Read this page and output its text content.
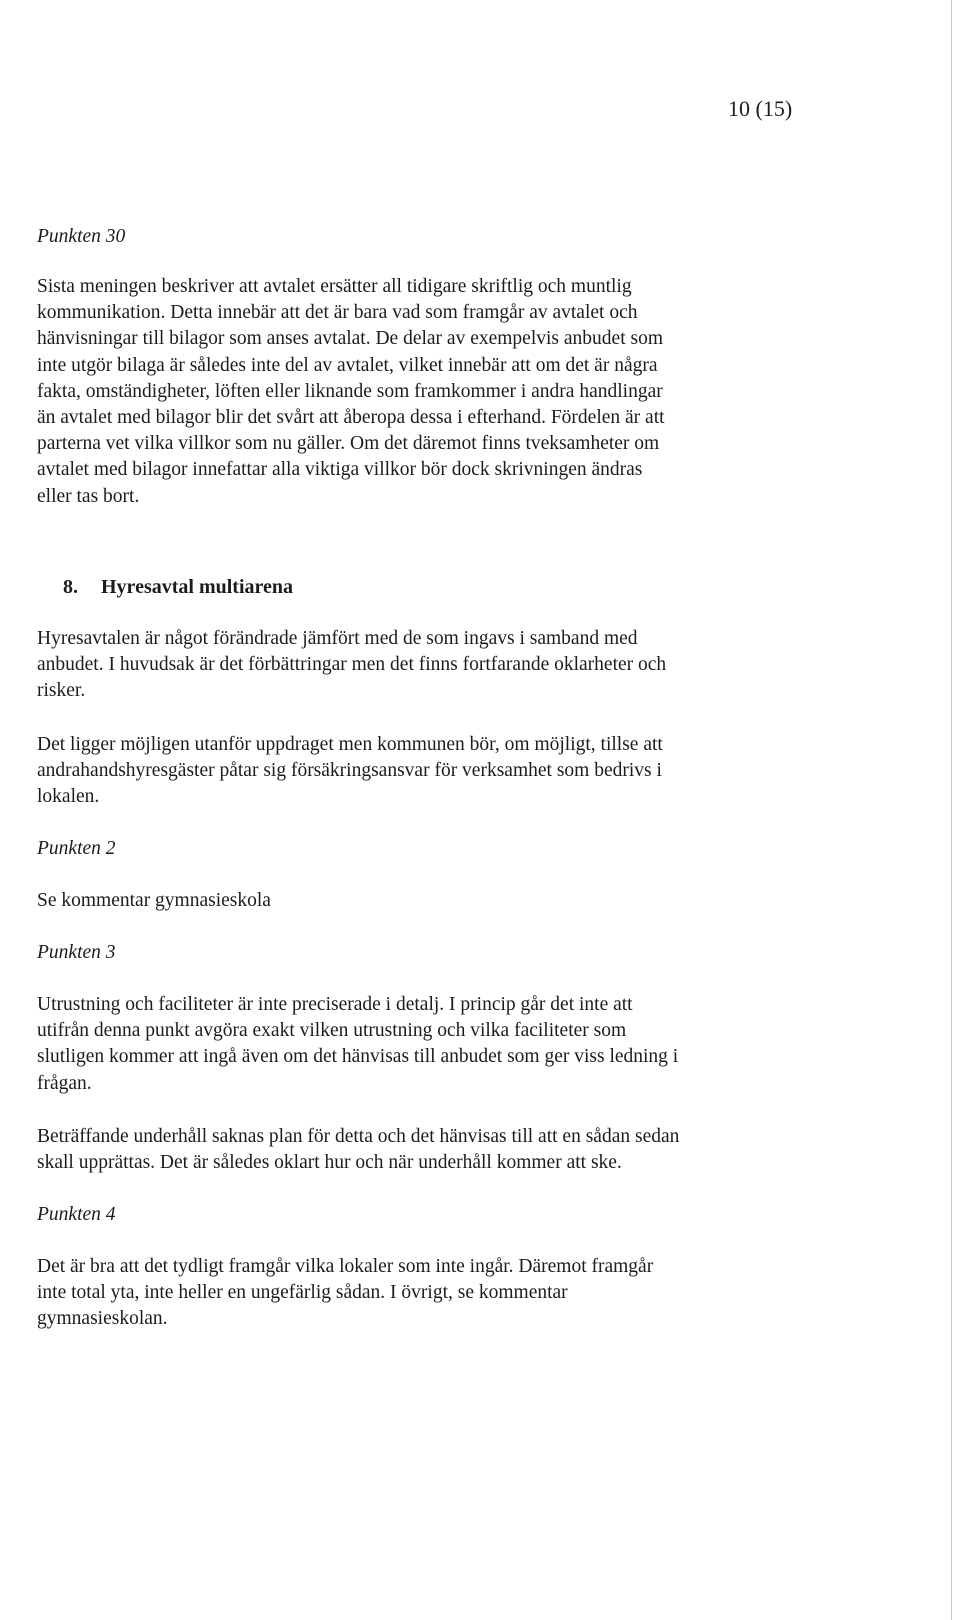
10 (15)

Punkten 30

Sista meningen beskriver att avtalet ersätter all tidigare skriftlig och muntlig
kommunikation. Detta innebär att det är bara vad som framgår av avtalet och
hänvisningar till bilagor som anses avtalat. De delar av exempelvis anbudet som
inte utgör bilaga är således inte del av avtalet, vilket innebär att om det är några
fakta, omständigheter, löften eller liknande som framkommer i andra handlingar
än avtalet med bilagor blir det svårt att åberopa dessa i efterhand. Fördelen är att
parterna vet vilka villkor som nu gäller. Om det däremot finns tveksamheter om
avtalet med bilagor innefattar alla viktiga villkor bör dock skrivningen ändras
eller tas bort.

8. Hyresavtal multiarena

Hyresavtalen är något förändrade jämfört med de som ingavs i samband med
anbudet. I huvudsak är det förbättringar men det finns fortfarande oklarheter och
risker.

Det ligger möjligen utanför uppdraget men kommunen bör, om möjligt, tillse att
andrahandshyresgäster påtar sig försäkringsansvar för verksamhet som bedrivs i
lokalen.

Punkten 2

Se kommentar gymnasieskola

Punkten 3

Utrustning och faciliteter är inte preciserade i detalj. I princip går det inte att
utifrån denna punkt avgöra exakt vilken utrustning och vilka faciliteter som
slutligen kommer att ingå även om det hänvisas till anbudet som ger viss ledning i
frågan.

Beträffande underhåll saknas plan för detta och det hänvisas till att en sådan sedan
skall upprättas. Det är således oklart hur och när underhåll kommer att ske.

Punkten 4

Det är bra att det tydligt framgår vilka lokaler som inte ingår. Däremot framgår
inte total yta, inte heller en ungefärlig sådan. I övrigt, se kommentar
gymnasieskolan.
